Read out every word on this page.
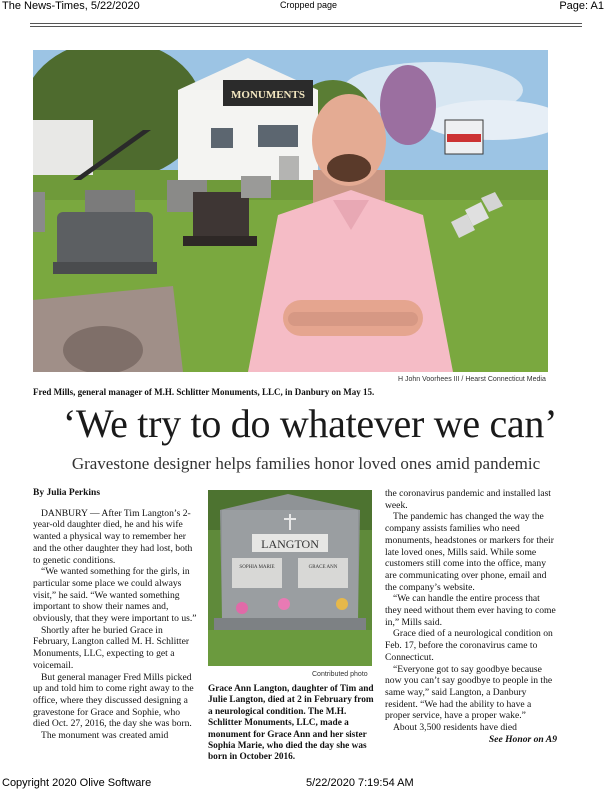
The News-Times, 5/22/2020	Cropped page	Page: A1
MONUMENTS
H John Voorhees III / Hearst Connecticut Media
Fred Mills, general manager of M.H. Schlitter Monuments, LLC, in Danbury on May 15.
‘We try to do whatever we can’
Gravestone designer helps families honor loved ones amid pandemic
By Julia Perkins

DANBURY — After Tim Langton’s 2-year-old daughter died, he and his wife wanted a physical way to remember her and the other daughter they had lost, both to genetic conditions.

“We wanted something for the girls, in particular some place we could always visit,” he said. “We wanted something important to show their names and, obviously, that they were important to us.”

Shortly after he buried Grace in February, Langton called M. H. Schlitter Monuments, LLC, expecting to get a voicemail.

But general manager Fred Mills picked up and told him to come right away to the office, where they discussed designing a gravestone for Grace and Sophie, who died Oct. 27, 2016, the day she was born.

The monument was created amid

LANGTON
SOPHIA MARIE	GRACE ANN
Contributed photo
Grace Ann Langton, daughter of Tim and Julie Langton, died at 2 in February from a neurological condition. The M.H. Schlitter Monuments, LLC, made a monument for Grace Ann and her sister Sophia Marie, who died the day she was born in October 2016.

the coronavirus pandemic and installed last week.

The pandemic has changed the way the company assists families who need monuments, headstones or markers for their late loved ones, Mills said. While some customers still come into the office, many are communicating over phone, email and the company’s website.

“We can handle the entire process that they need without them ever having to come in,” Mills said.

Grace died of a neurological condition on Feb. 17, before the coronavirus came to Connecticut.

“Everyone got to say goodbye because now you can’t say goodbye to people in the same way,” said Langton, a Danbury resident. “We had the ability to have a proper service, have a proper wake.”

About 3,500 residents have died

See Honor on A9

Copyright 2020 Olive Software	5/22/2020 7:19:54 AM
